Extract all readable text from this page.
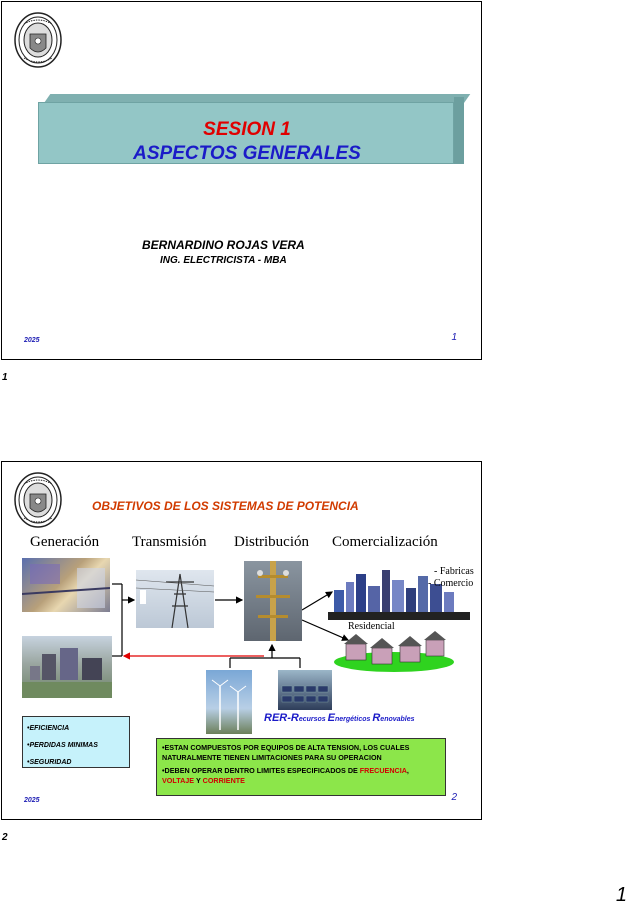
SESION 1
ASPECTOS GENERALES
BERNARDINO ROJAS VERA
ING. ELECTRICISTA - MBA
2025	1
1
OBJETIVOS DE LOS SISTEMAS DE POTENCIA
Generación Transmisión Distribución Comercialización
- Fabricas
- Comercio
Residencial
RER-Recursos Energéticos Renovables
•EFICIENCIA
•PERDIDAS MINIMAS
•SEGURIDAD

•ESTAN COMPUESTOS POR EQUIPOS DE ALTA TENSION, LOS CUALES NATURALMENTE TIENEN LIMITACIONES PARA SU OPERACION

•DEBEN OPERAR DENTRO LIMITES ESPECIFICADOS DE FRECUENCIA, VOLTAJE Y CORRIENTE

2025	2
2
1
